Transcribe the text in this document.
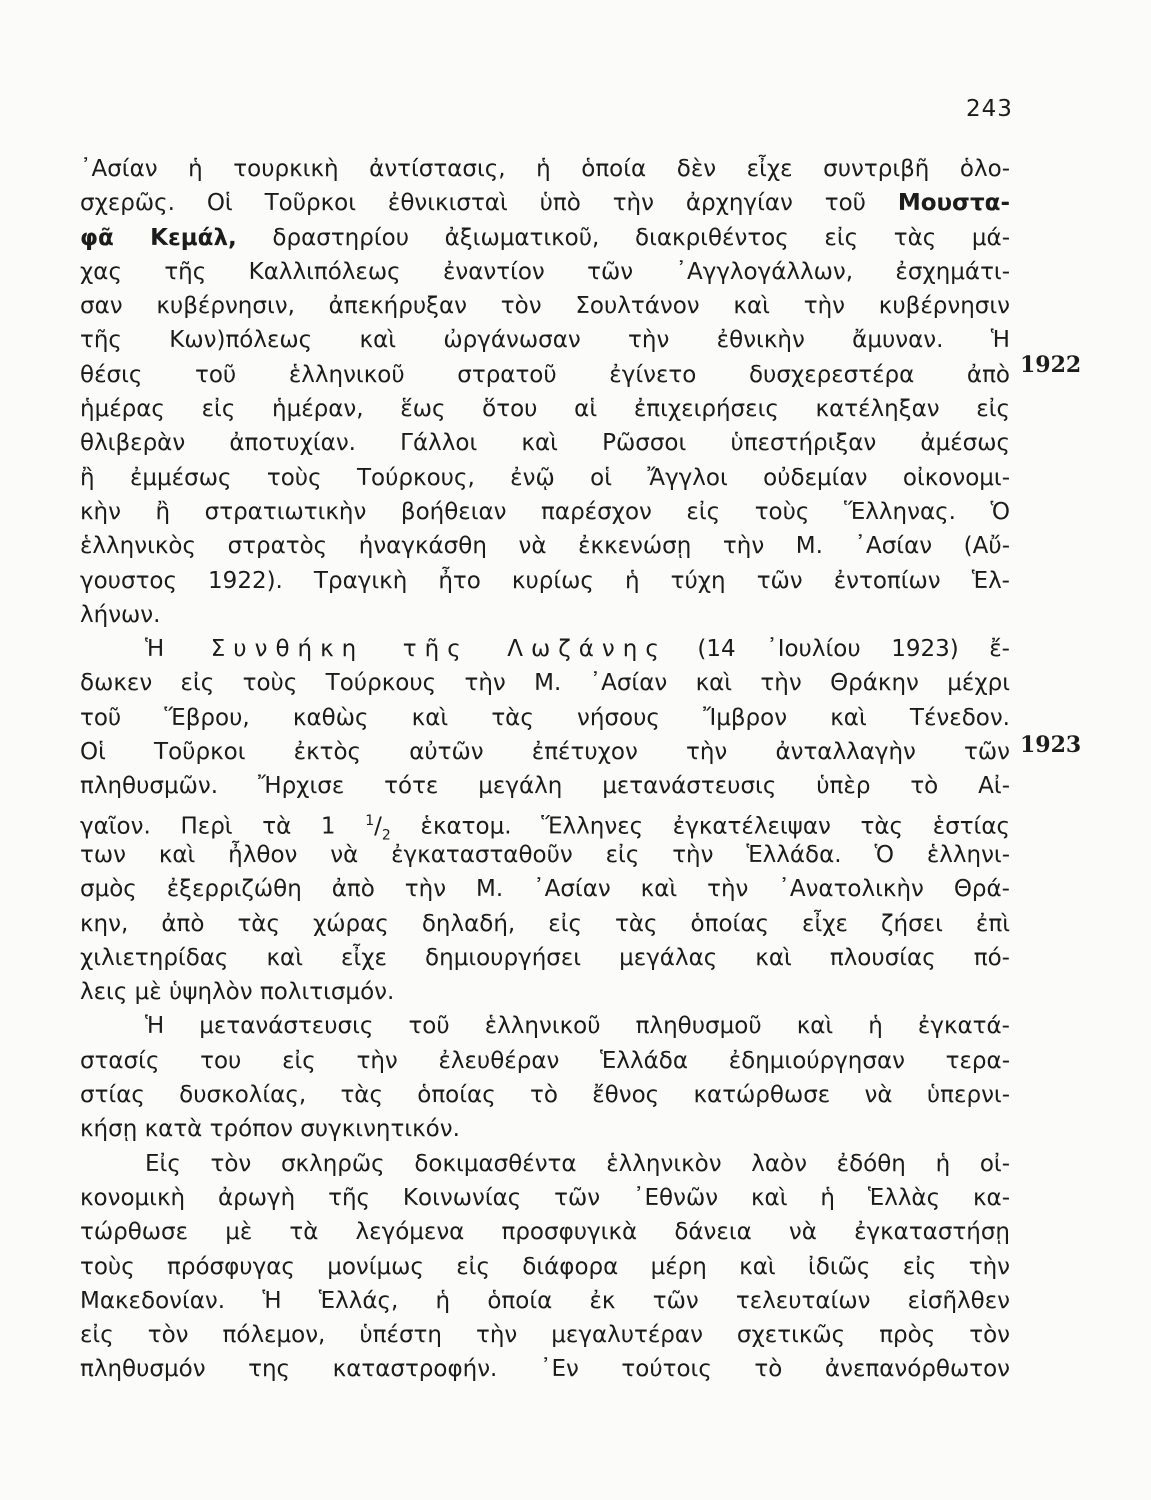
243
1922
1923
᾿Ασίαν ἡ τουρκικὴ ἀντίστασις, ἡ ὁποία δὲν εἶχε συντριβῆ ὁλο-
σχερῶς. Οἱ Τοῦρκοι ἐθνικισταὶ ὑπὸ τὴν ἀρχηγίαν τοῦ Μουστα-
φᾶ Κεμάλ, δραστηρίου ἀξιωματικοῦ, διακριθέντος εἰς τὰς μά-
χας τῆς Καλλιπόλεως ἐναντίον τῶν ᾿Αγγλογάλλων, ἐσχημάτι-
σαν κυβέρνησιν, ἀπεκήρυξαν τὸν Σουλτάνον καὶ τὴν κυβέρνησιν
τῆς Κων)πόλεως καὶ ὠργάνωσαν τὴν ἐθνικὴν ἄμυναν. Ἡ
θέσις τοῦ ἑλληνικοῦ στρατοῦ ἐγίνετο δυσχερεστέρα ἀπὸ
ἡμέρας εἰς ἡμέραν, ἕως ὅτου αἱ ἐπιχειρήσεις κατέληξαν εἰς
θλιβερὰν ἀποτυχίαν. Γάλλοι καὶ Ρῶσσοι ὑπεστήριξαν ἀμέσως
ἢ ἐμμέσως τοὺς Τούρκους, ἐνῷ οἱ Ἄγγλοι οὐδεμίαν οἰκονομι-
κὴν ἢ στρατιωτικὴν βοήθειαν παρέσχον εἰς τοὺς Ἕλληνας. Ὁ
ἑλληνικὸς στρατὸς ἠναγκάσθη νὰ ἐκκενώσῃ τὴν Μ. ᾿Ασίαν (Αὔ-
γουστος 1922). Τραγικὴ ἦτο κυρίως ἡ τύχη τῶν ἐντοπίων Ἑλ-
λήνων.
Ἡ Συνθήκη τῆς Λωζάνης (14 ᾿Ιουλίου 1923) ἔ-
δωκεν εἰς τοὺς Τούρκους τὴν Μ. ᾿Ασίαν καὶ τὴν Θράκην μέχρι
τοῦ Ἕβρου, καθὼς καὶ τὰς νήσους Ἴμβρον καὶ Τένεδον.
Οἱ Τοῦρκοι ἐκτὸς αὐτῶν ἐπέτυχον τὴν ἀνταλλαγὴν τῶν
πληθυσμῶν. Ἤρχισε τότε μεγάλη μετανάστευσις ὑπὲρ τὸ Αἰ-
γαῖον. Περὶ τὰ 1 $^1/_2$ ἑκατομ. Ἕλληνες ἐγκατέλειψαν τὰς ἑστίας
των καὶ ἦλθον νὰ ἐγκατασταθοῦν εἰς τὴν Ἑλλάδα. Ὁ ἑλληνι-
σμὸς ἐξερριζώθη ἀπὸ τὴν Μ. ᾿Ασίαν καὶ τὴν ᾿Ανατολικὴν Θρά-
κην, ἀπὸ τὰς χώρας δηλαδή, εἰς τὰς ὁποίας εἶχε ζήσει ἐπὶ
χιλιετηρίδας καὶ εἶχε δημιουργήσει μεγάλας καὶ πλουσίας πό-
λεις μὲ ὑψηλὸν πολιτισμόν.
Ἡ μετανάστευσις τοῦ ἑλληνικοῦ πληθυσμοῦ καὶ ἡ ἐγκατά-
στασίς του εἰς τὴν ἐλευθέραν Ἑλλάδα ἐδημιούργησαν τερα-
στίας δυσκολίας, τὰς ὁποίας τὸ ἔθνος κατώρθωσε νὰ ὑπερνι-
κήσῃ κατὰ τρόπον συγκινητικόν.
Εἰς τὸν σκληρῶς δοκιμασθέντα ἑλληνικὸν λαὸν ἐδόθη ἡ οἰ-
κονομικὴ ἀρωγὴ τῆς Κοινωνίας τῶν ᾿Εθνῶν καὶ ἡ Ἑλλὰς κα-
τώρθωσε μὲ τὰ λεγόμενα προσφυγικὰ δάνεια νὰ ἐγκαταστήσῃ
τοὺς πρόσφυγας μονίμως εἰς διάφορα μέρη καὶ ἰδιῶς εἰς τὴν
Μακεδονίαν. Ἡ Ἑλλάς, ἡ ὁποία ἐκ τῶν τελευταίων εἰσῆλθεν
εἰς τὸν πόλεμον, ὑπέστη τὴν μεγαλυτέραν σχετικῶς πρὸς τὸν
πληθυσμόν της καταστροφήν. ᾿Εν τούτοις τὸ ἀνεπανόρθωτον
